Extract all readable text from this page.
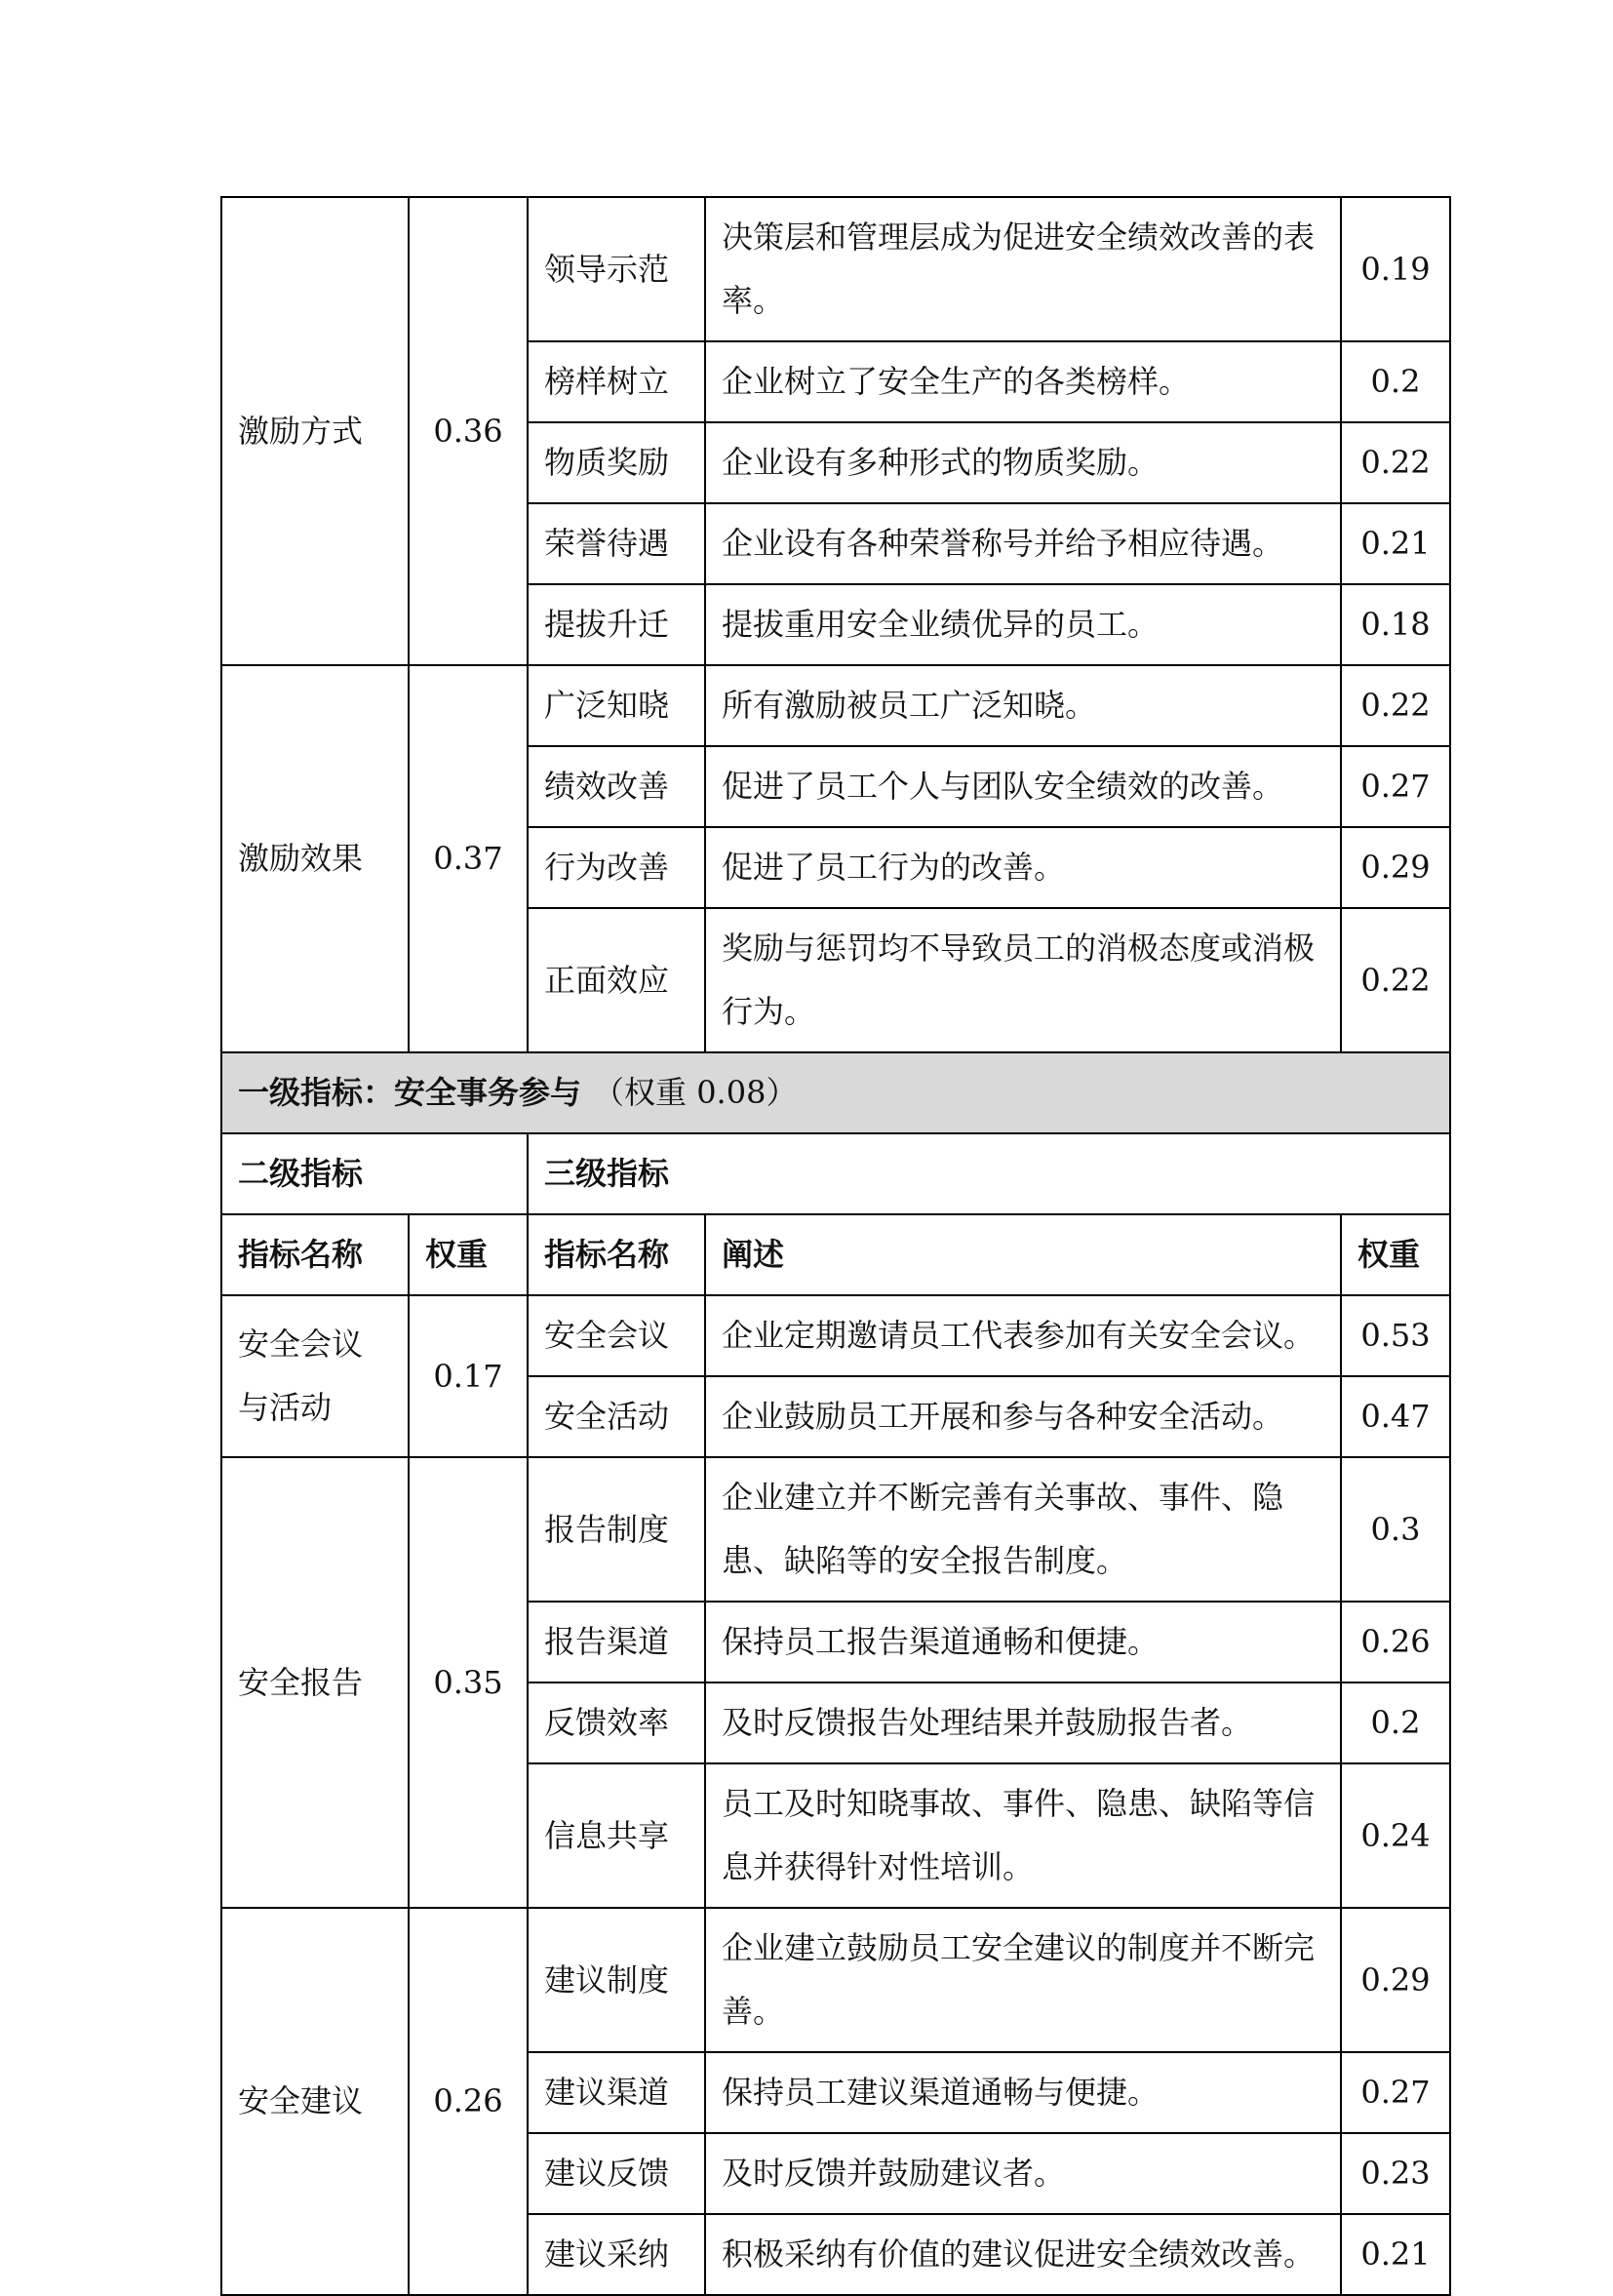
激励方式	0.36	领导示范	决策层和管理层成为促进安全绩效改善的表率。	0.19
		榜样树立	企业树立了安全生产的各类榜样。	0.2
		物质奖励	企业设有多种形式的物质奖励。	0.22
		荣誉待遇	企业设有各种荣誉称号并给予相应待遇。	0.21
		提拔升迁	提拔重用安全业绩优异的员工。	0.18
激励效果	0.37	广泛知晓	所有激励被员工广泛知晓。	0.22
		绩效改善	促进了员工个人与团队安全绩效的改善。	0.27
		行为改善	促进了员工行为的改善。	0.29
		正面效应	奖励与惩罚均不导致员工的消极态度或消极行为。	0.22
一级指标：安全事务参与 （权重 0.08）				
二级指标		三级指标		
指标名称	权重	指标名称	阐述	权重
安全会议与活动	0.17	安全会议	企业定期邀请员工代表参加有关安全会议。	0.53
		安全活动	企业鼓励员工开展和参与各种安全活动。	0.47
安全报告	0.35	报告制度	企业建立并不断完善有关事故、事件、隐患、缺陷等的安全报告制度。	0.3
		报告渠道	保持员工报告渠道通畅和便捷。	0.26
		反馈效率	及时反馈报告处理结果并鼓励报告者。	0.2
		信息共享	员工及时知晓事故、事件、隐患、缺陷等信息并获得针对性培训。	0.24
安全建议	0.26	建议制度	企业建立鼓励员工安全建议的制度并不断完善。	0.29
		建议渠道	保持员工建议渠道通畅与便捷。	0.27
		建议反馈	及时反馈并鼓励建议者。	0.23
		建议采纳	积极采纳有价值的建议促进安全绩效改善。	0.21
